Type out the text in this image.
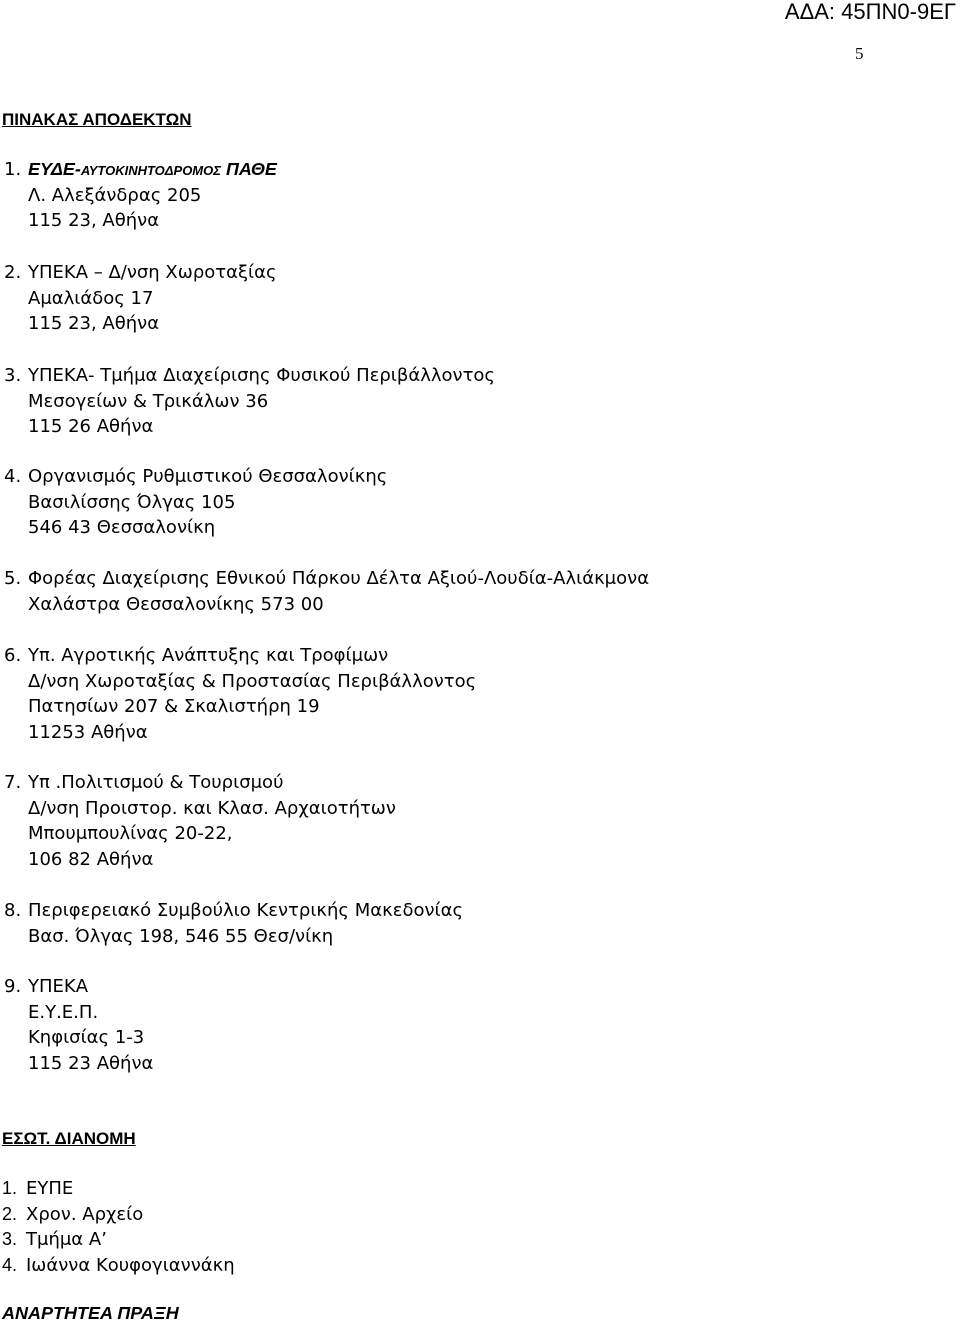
ΑΔΑ: 45ΠΝ0-9ΕΓ
5
ΠΙΝΑΚΑΣ ΑΠΟΔΕΚΤΩΝ
1. ΕΥΔΕ-ΑΥΤΟΚΙΝΗΤΟΔΡΟΜΟΣ ΠΑΘΕ
Λ. Αλεξάνδρας 205
115 23, Αθήνα
2. ΥΠΕΚΑ – Δ/νση Χωροταξίας
Αμαλιάδος 17
115 23, Αθήνα
3. ΥΠΕΚΑ- Τμήμα Διαχείρισης Φυσικού Περιβάλλοντος
Μεσογείων & Τρικάλων 36
115 26 Αθήνα
4. Οργανισμός Ρυθμιστικού Θεσσαλονίκης
Βασιλίσσης Όλγας 105
546 43 Θεσσαλονίκη
5. Φορέας Διαχείρισης Εθνικού Πάρκου Δέλτα Αξιού-Λουδία-Αλιάκμονα
Χαλάστρα Θεσσαλονίκης 573 00
6. Υπ. Αγροτικής Ανάπτυξης και Τροφίμων
Δ/νση Χωροταξίας & Προστασίας Περιβάλλοντος
Πατησίων 207 & Σκαλιστήρη 19
11253 Αθήνα
7. Υπ .Πολιτισμού & Τουρισμού
Δ/νση Προιστορ. και Κλασ. Αρχαιοτήτων
Μπουμπουλίνας 20-22,
106 82 Αθήνα
8. Περιφερειακό Συμβούλιο Κεντρικής Μακεδονίας
Βασ. Όλγας 198, 546 55 Θεσ/νίκη
9. ΥΠΕΚΑ
Ε.Υ.Ε.Π.
Κηφισίας 1-3
115 23 Αθήνα
ΕΣΩΤ. ΔΙΑΝΟΜΗ
1. ΕΥΠΕ
2. Χρον. Αρχείο
3. Τμήμα Α’
4. Ιωάννα Κουφογιαννάκη
ΑΝΑΡΤΗΤΕΑ ΠΡΑΞΗ
